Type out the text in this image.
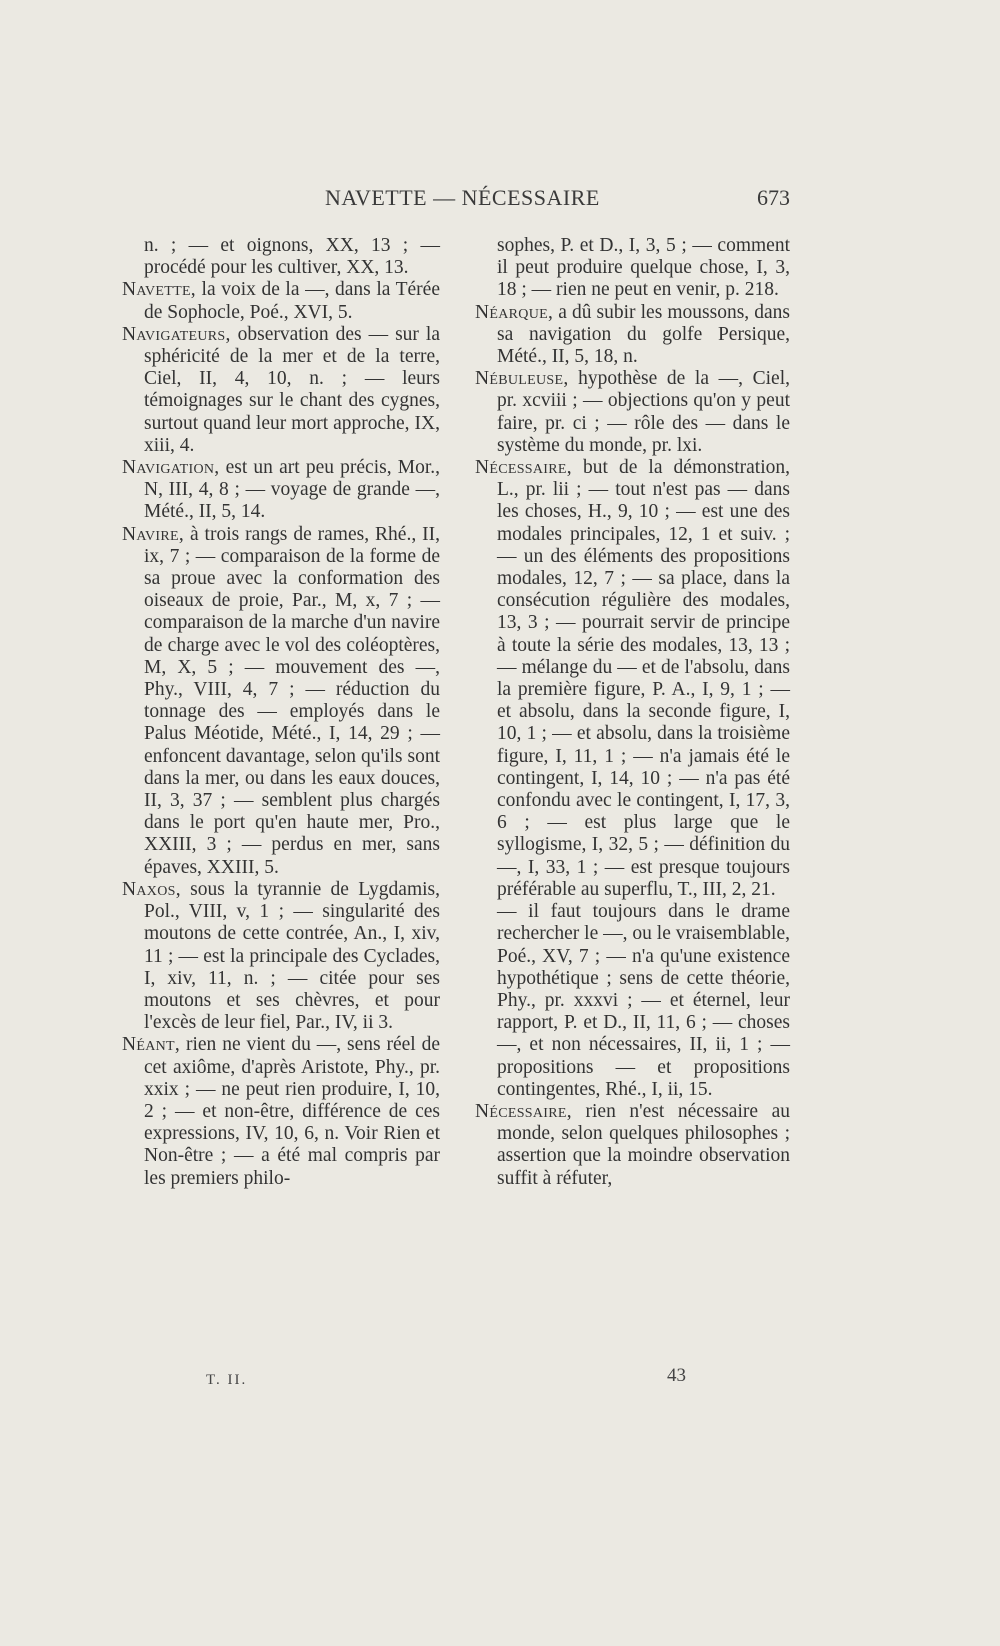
NAVETTE — NÉCESSAIRE	673

n. ; — et oignons, XX, 13 ; — procédé pour les cultiver, XX, 13.

Navette, la voix de la —, dans la Térée de Sophocle, Poé., XVI, 5.

Navigateurs, observation des — sur la sphéricité de la mer et de la terre, Ciel, II, 4, 10, n. ; — leurs témoignages sur le chant des cygnes, surtout quand leur mort approche, IX, xiii, 4.

Navigation, est un art peu précis, Mor., N, III, 4, 8 ; — voyage de grande —, Mété., II, 5, 14.

Navire, à trois rangs de rames, Rhé., II, ix, 7 ; — comparaison de la forme de sa proue avec la conformation des oiseaux de proie, Par., M, x, 7 ; — comparaison de la marche d'un navire de charge avec le vol des coléoptères, M, X, 5 ; — mouvement des —, Phy., VIII, 4, 7 ; — réduction du tonnage des — employés dans le Palus Méotide, Mété., I, 14, 29 ; — enfoncent davantage, selon qu'ils sont dans la mer, ou dans les eaux douces, II, 3, 37 ; — semblent plus chargés dans le port qu'en haute mer, Pro., XXIII, 3 ; — perdus en mer, sans épaves, XXIII, 5.

Naxos, sous la tyrannie de Lygdamis, Pol., VIII, v, 1 ; — singularité des moutons de cette contrée, An., I, xiv, 11 ; — est la principale des Cyclades, I, xiv, 11, n. ; — citée pour ses moutons et ses chèvres, et pour l'excès de leur fiel, Par., IV, ii 3.

Néant, rien ne vient du —, sens réel de cet axiôme, d'après Aristote, Phy., pr. xxix ; — ne peut rien produire, I, 10, 2 ; — et non-être, différence de ces expressions, IV, 10, 6, n. Voir Rien et Non-être ; — a été mal compris par les premiers philo-

sophes, P. et D., I, 3, 5 ; — comment il peut produire quelque chose, I, 3, 18 ; — rien ne peut en venir, p. 218.

Néarque, a dû subir les moussons, dans sa navigation du golfe Persique, Mété., II, 5, 18, n.

Nébuleuse, hypothèse de la —, Ciel, pr. xcviii ; — objections qu'on y peut faire, pr. ci ; — rôle des — dans le système du monde, pr. lxi.

Nécessaire, but de la démonstration, L., pr. lii ; — tout n'est pas — dans les choses, H., 9, 10 ; — est une des modales principales, 12, 1 et suiv. ; — un des éléments des propositions modales, 12, 7 ; — sa place, dans la consécution régulière des modales, 13, 3 ; — pourrait servir de principe à toute la série des modales, 13, 13 ; — mélange du — et de l'absolu, dans la première figure, P. A., I, 9, 1 ; — et absolu, dans la seconde figure, I, 10, 1 ; — et absolu, dans la troisième figure, I, 11, 1 ; — n'a jamais été le contingent, I, 14, 10 ; — n'a pas été confondu avec le contingent, I, 17, 3, 6 ; — est plus large que le syllogisme, I, 32, 5 ; — définition du —, I, 33, 1 ; — est presque toujours préférable au superflu, T., III, 2, 21.

— il faut toujours dans le drame rechercher le —, ou le vraisemblable, Poé., XV, 7 ; — n'a qu'une existence hypothétique ; sens de cette théorie, Phy., pr. xxxvi ; — et éternel, leur rapport, P. et D., II, 11, 6 ; — choses —, et non nécessaires, II, ii, 1 ; — propositions — et propositions contingentes, Rhé., I, ii, 15.

Nécessaire, rien n'est nécessaire au monde, selon quelques philosophes ; assertion que la moindre observation suffit à réfuter,

T. II.	43
